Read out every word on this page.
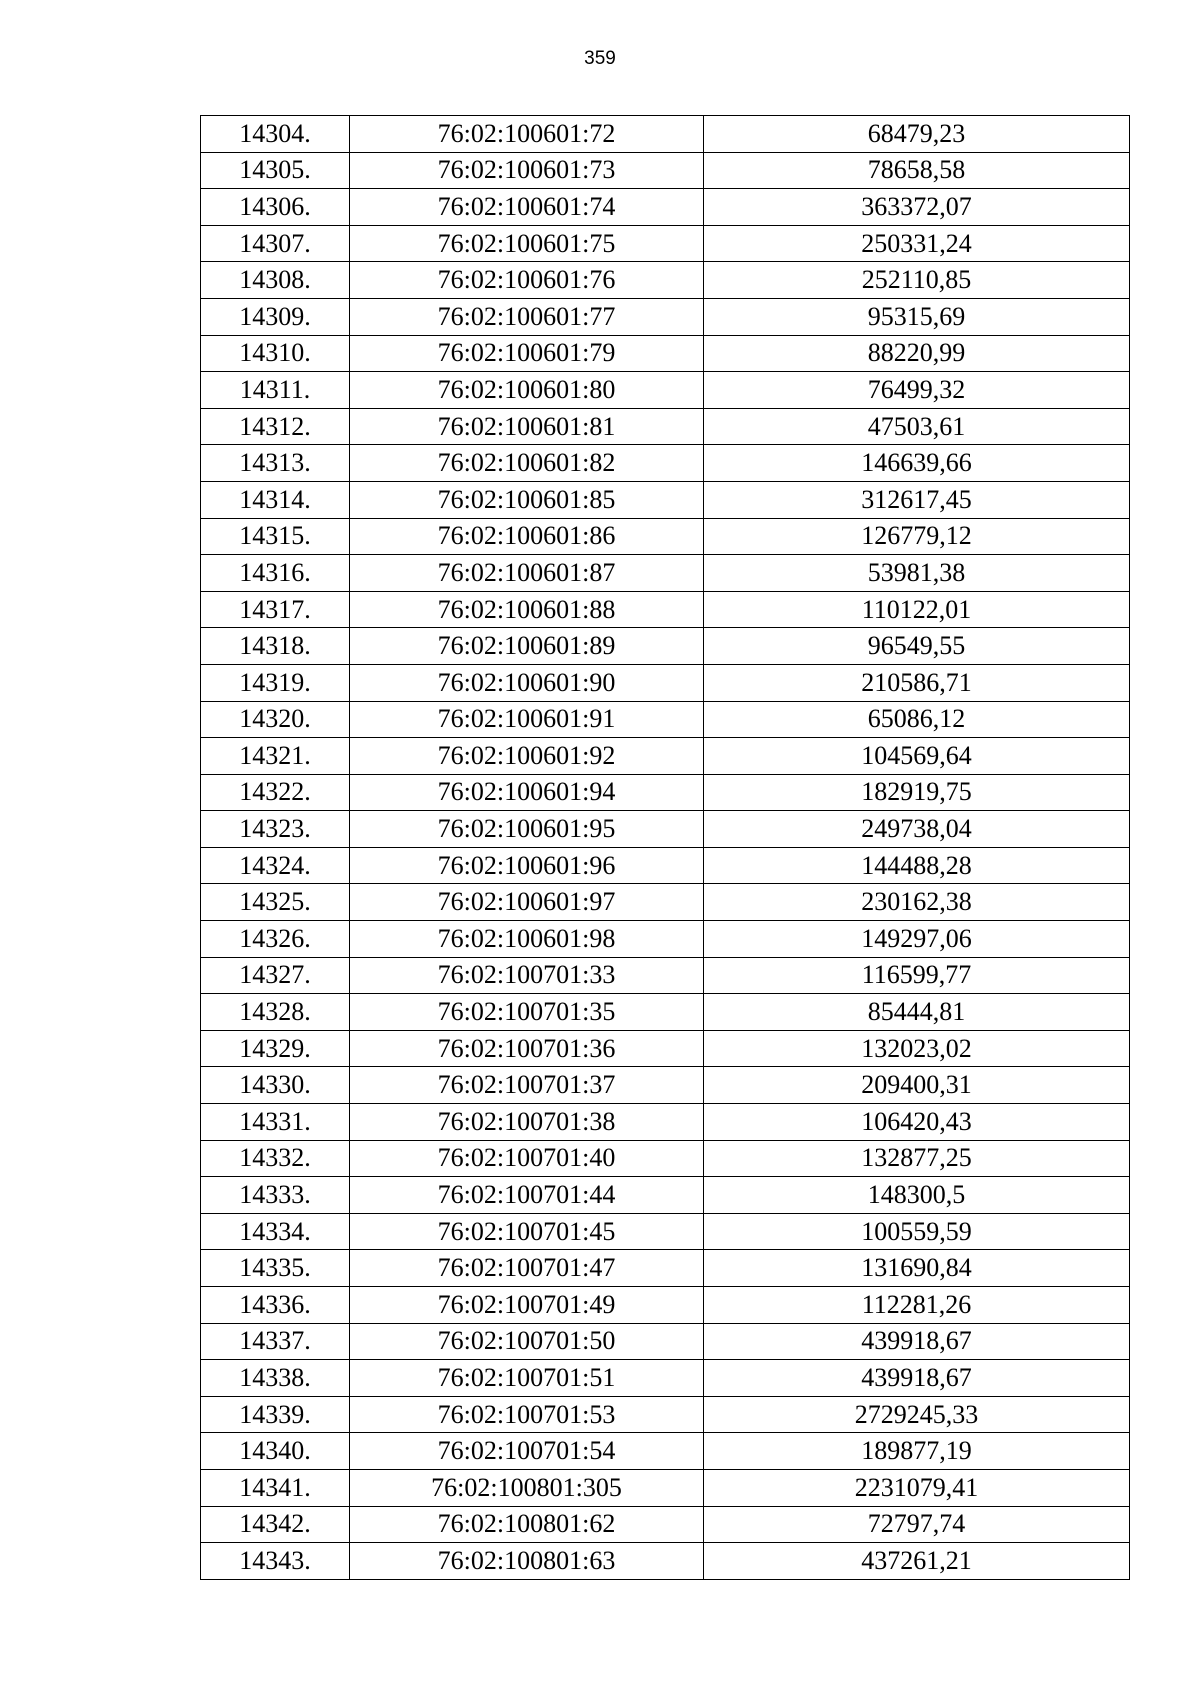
359
14304.	76:02:100601:72	68479,23
14305.	76:02:100601:73	78658,58
14306.	76:02:100601:74	363372,07
14307.	76:02:100601:75	250331,24
14308.	76:02:100601:76	252110,85
14309.	76:02:100601:77	95315,69
14310.	76:02:100601:79	88220,99
14311.	76:02:100601:80	76499,32
14312.	76:02:100601:81	47503,61
14313.	76:02:100601:82	146639,66
14314.	76:02:100601:85	312617,45
14315.	76:02:100601:86	126779,12
14316.	76:02:100601:87	53981,38
14317.	76:02:100601:88	110122,01
14318.	76:02:100601:89	96549,55
14319.	76:02:100601:90	210586,71
14320.	76:02:100601:91	65086,12
14321.	76:02:100601:92	104569,64
14322.	76:02:100601:94	182919,75
14323.	76:02:100601:95	249738,04
14324.	76:02:100601:96	144488,28
14325.	76:02:100601:97	230162,38
14326.	76:02:100601:98	149297,06
14327.	76:02:100701:33	116599,77
14328.	76:02:100701:35	85444,81
14329.	76:02:100701:36	132023,02
14330.	76:02:100701:37	209400,31
14331.	76:02:100701:38	106420,43
14332.	76:02:100701:40	132877,25
14333.	76:02:100701:44	148300,5
14334.	76:02:100701:45	100559,59
14335.	76:02:100701:47	131690,84
14336.	76:02:100701:49	112281,26
14337.	76:02:100701:50	439918,67
14338.	76:02:100701:51	439918,67
14339.	76:02:100701:53	2729245,33
14340.	76:02:100701:54	189877,19
14341.	76:02:100801:305	2231079,41
14342.	76:02:100801:62	72797,74
14343.	76:02:100801:63	437261,21
